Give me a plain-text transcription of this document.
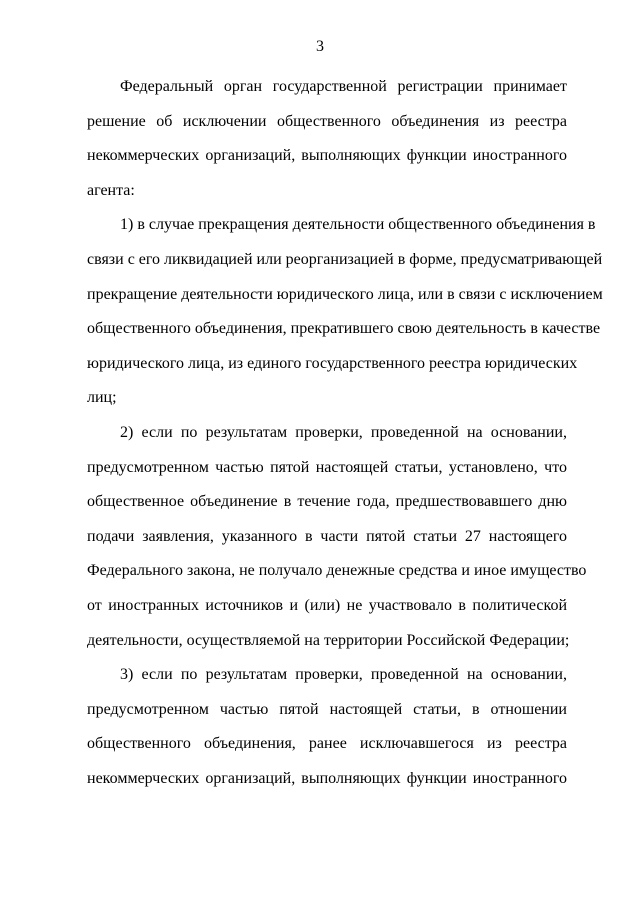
3
Федеральный орган государственной регистрации принимает
решение об исключении общественного объединения из реестра
некоммерческих организаций, выполняющих функции иностранного
агента:
1) в случае прекращения деятельности общественного объединения в
связи с его ликвидацией или реорганизацией в форме, предусматривающей
прекращение деятельности юридического лица, или в связи с исключением
общественного объединения, прекратившего свою деятельность в качестве
юридического лица, из единого государственного реестра юридических
лиц;
2) если по результатам проверки, проведенной на основании,
предусмотренном частью пятой настоящей статьи, установлено, что
общественное объединение в течение года, предшествовавшего дню
подачи заявления, указанного в части пятой статьи 27 настоящего
Федерального закона, не получало денежные средства и иное имущество
от иностранных источников и (или) не участвовало в политической
деятельности, осуществляемой на территории Российской Федерации;
3) если по результатам проверки, проведенной на основании,
предусмотренном частью пятой настоящей статьи, в отношении
общественного объединения, ранее исключавшегося из реестра
некоммерческих организаций, выполняющих функции иностранного
